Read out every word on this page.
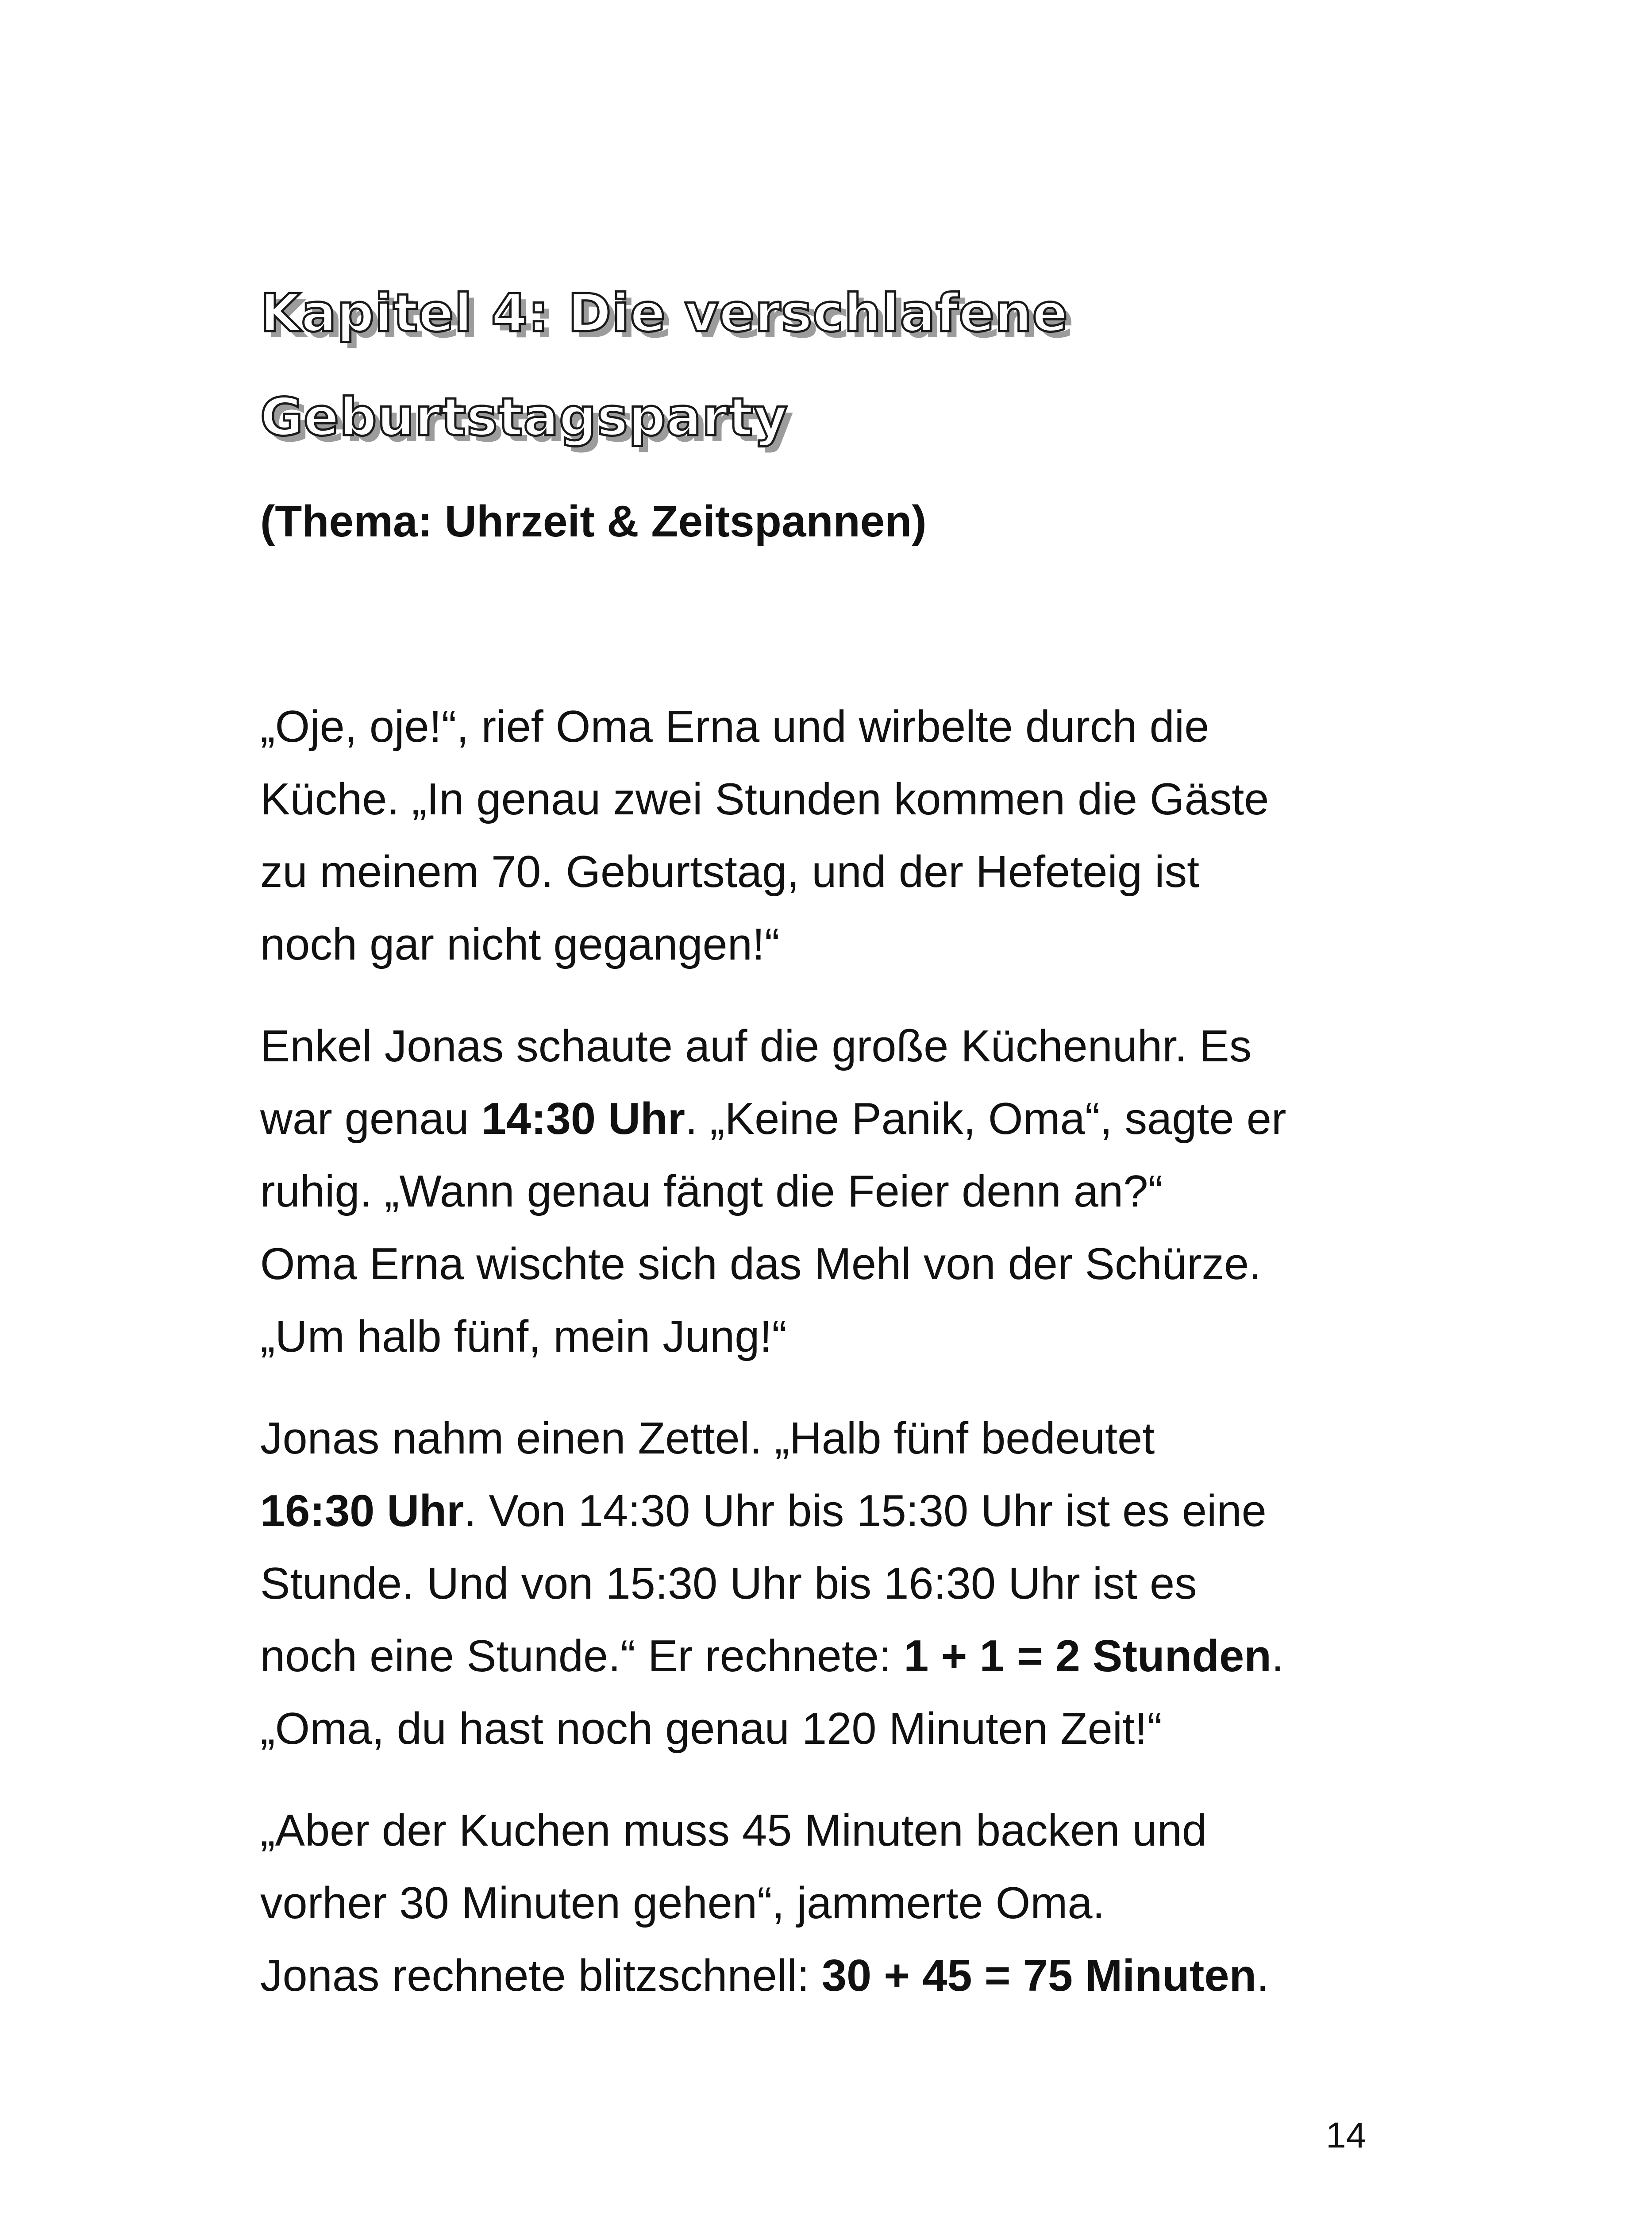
Kapitel 4: Die verschlafene
Geburtstagsparty
(Thema: Uhrzeit & Zeitspannen)

„Oje, oje!“, rief Oma Erna und wirbelte durch die
Küche. „In genau zwei Stunden kommen die Gäste
zu meinem 70. Geburtstag, und der Hefeteig ist
noch gar nicht gegangen!“

Enkel Jonas schaute auf die große Küchenuhr. Es
war genau 14:30 Uhr. „Keine Panik, Oma“, sagte er
ruhig. „Wann genau fängt die Feier denn an?“
Oma Erna wischte sich das Mehl von der Schürze.
„Um halb fünf, mein Jung!“

Jonas nahm einen Zettel. „Halb fünf bedeutet
16:30 Uhr. Von 14:30 Uhr bis 15:30 Uhr ist es eine
Stunde. Und von 15:30 Uhr bis 16:30 Uhr ist es
noch eine Stunde.“ Er rechnete: 1 + 1 = 2 Stunden.
„Oma, du hast noch genau 120 Minuten Zeit!“

„Aber der Kuchen muss 45 Minuten backen und
vorher 30 Minuten gehen“, jammerte Oma.
Jonas rechnete blitzschnell: 30 + 45 = 75 Minuten.

14
